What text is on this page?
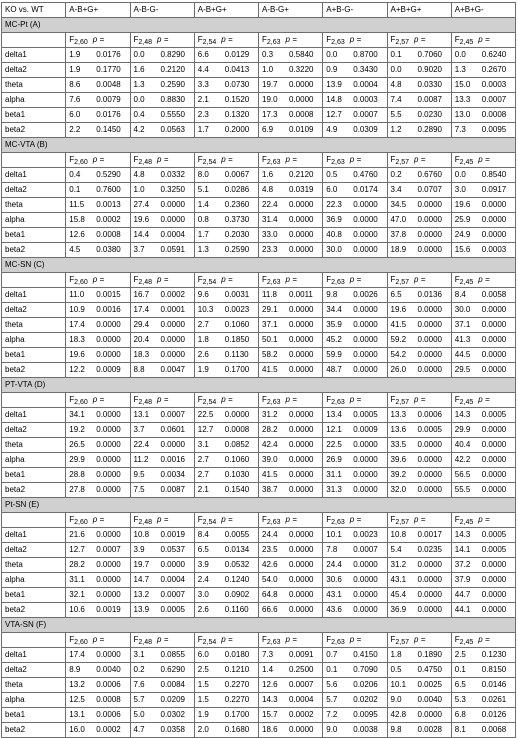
KO vs. WT	A-B+G+	A-B-G-	A-B+G+	A-B-G+	A+B-G-	A+B+G+	A+B+G-
MC-Pt (A)							
	$F_{2,60}$ p =	$F_{2,48}$ p =	$F_{2,54}$ p =	$F_{2,63}$ p =	$F_{2,63}$ p =	$F_{2,57}$ p =	$F_{2,45}$ p =
delta1	1.9 0.0176	0.0 0.8290	6.6 0.0129	0.3 0.5840	0.0 0.8700	0.1 0.7060	0.0 0.6240
delta2	1.9 0.1770	1.6 0.2120	4.4 0.0413	1.0 0.3220	0.9 0.3430	0.0 0.9020	1.3 0.2670
theta	8.6 0.0048	1.3 0.2590	3.3 0.0730	19.7 0.0000	13.9 0.0004	4.8 0.0330	15.0 0.0003
alpha	7.6 0.0079	0.0 0.8830	2.1 0.1520	19.0 0.0000	14.8 0.0003	7.4 0.0087	13.3 0.0007
beta1	6.0 0.0176	0.4 0.5550	2.3 0.1320	17.3 0.0008	12.7 0.0007	5.5 0.0230	13.0 0.0008
beta2	2.2 0.1450	4.2 0.0563	1.7 0.2000	6.9 0.0109	4.9 0.0309	1.2 0.2890	7.3 0.0095
MC-VTA (B)							
	$F_{2,60}$ p =	$F_{2,48}$ p =	$F_{2,54}$ p =	$F_{2,63}$ p =	$F_{2,63}$ p =	$F_{2,57}$ p =	$F_{2,45}$ p =
delta1	0.4 0.5290	4.8 0.0332	8.0 0.0067	1.6 0.2120	0.5 0.4760	0.2 0.6760	0.0 0.8540
delta2	0.1 0.7600	1.0 0.3250	5.1 0.0286	4.8 0.0319	6.0 0.0174	3.4 0.0707	3.0 0.0917
theta	11.5 0.0013	27.4 0.0000	1.4 0.2360	22.4 0.0000	22.3 0.0000	34.5 0.0000	19.6 0.0000
alpha	15.8 0.0002	19.6 0.0000	0.8 0.3730	31.4 0.0000	36.9 0.0000	47.0 0.0000	25.9 0.0000
beta1	12.6 0.0008	14.4 0.0004	1.7 0.2030	33.0 0.0000	40.8 0.0000	37.8 0.0000	24.9 0.0000
beta2	4.5 0.0380	3.7 0.0591	1.3 0.2590	23.3 0.0000	30.0 0.0000	18.9 0.0000	15.6 0.0003
MC-SN (C)							
	$F_{2,60}$ p =	$F_{2,48}$ p =	$F_{2,54}$ p =	$F_{2,63}$ p =	$F_{2,63}$ p =	$F_{2,57}$ p =	$F_{2,45}$ p =
delta1	11.0 0.0015	16.7 0.0002	9.6 0.0031	11.8 0.0011	9.8 0.0026	6.5 0.0136	8.4 0.0058
delta2	10.9 0.0016	17.4 0.0001	10.3 0.0023	29.1 0.0000	34.4 0.0000	19.6 0.0000	30.0 0.0000
theta	17.4 0.0000	29.4 0.0000	2.7 0.1060	37.1 0.0000	35.9 0.0000	41.5 0.0000	37.1 0.0000
alpha	18.3 0.0000	20.4 0.0000	1.8 0.1850	50.1 0.0000	45.2 0.0000	59.2 0.0000	41.3 0.0000
beta1	19.6 0.0000	18.3 0.0000	2.6 0.1130	58.2 0.0000	59.9 0.0000	54.2 0.0000	44.5 0.0000
beta2	12.2 0.0009	8.8 0.0047	1.9 0.1700	41.5 0.0000	48.7 0.0000	26.0 0.0000	29.5 0.0000
PT-VTA (D)							
	$F_{2,60}$ p =	$F_{2,48}$ p =	$F_{2,54}$ p =	$F_{2,63}$ p =	$F_{2,63}$ p =	$F_{2,57}$ p =	$F_{2,45}$ p =
delta1	34.1 0.0000	13.1 0.0007	22.5 0.0000	31.2 0.0000	13.4 0.0005	13.3 0.0006	14.3 0.0005
delta2	19.2 0.0000	3.7 0.0601	12.7 0.0008	28.2 0.0000	12.1 0.0009	13.6 0.0005	29.9 0.0000
theta	26.5 0.0000	22.4 0.0000	3.1 0.0852	42.4 0.0000	22.5 0.0000	33.5 0.0000	40.4 0.0000
alpha	29.9 0.0000	11.2 0.0016	2.7 0.1060	39.0 0.0000	26.9 0.0000	39.6 0.0000	42.2 0.0000
beta1	28.8 0.0000	9.5 0.0034	2.7 0.1030	41.5 0.0000	31.1 0.0000	39.2 0.0000	56.5 0.0000
beta2	27.8 0.0000	7.5 0.0087	2.1 0.1540	38.7 0.0000	31.3 0.0000	32.0 0.0000	55.5 0.0000
Pt-SN (E)							
	$F_{2,60}$ p =	$F_{2,48}$ p =	$F_{2,54}$ p =	$F_{2,63}$ p =	$F_{2,63}$ p =	$F_{2,57}$ p =	$F_{2,45}$ p =
delta1	21.6 0.0000	10.8 0.0019	8.4 0.0055	24.4 0.0000	10.1 0.0023	10.8 0.0017	14.3 0.0005
delta2	12.7 0.0007	3.9 0.0537	6.5 0.0134	23.5 0.0000	7.8 0.0007	5.4 0.0235	14.1 0.0005
theta	28.2 0.0000	19.7 0.0000	3.9 0.0532	42.6 0.0000	24.4 0.0000	31.2 0.0000	37.2 0.0000
alpha	31.1 0.0000	14.7 0.0004	2.4 0.1240	54.0 0.0000	30.6 0.0000	43.1 0.0000	37.9 0.0000
beta1	32.1 0.0000	13.2 0.0007	3.0 0.0902	64.8 0.0000	43.1 0.0000	45.4 0.0000	44.7 0.0000
beta2	10.6 0.0019	13.9 0.0005	2.6 0.1160	66.6 0.0000	43.6 0.0000	36.9 0.0000	44.1 0.0000
VTA-SN (F)							
	$F_{2,60}$ p =	$F_{2,48}$ p =	$F_{2,54}$ p =	$F_{2,63}$ p =	$F_{2,63}$ p =	$F_{2,57}$ p =	$F_{2,45}$ p =
delta1	17.4 0.0000	3.1 0.0855	6.0 0.0180	7.3 0.0091	0.7 0.4150	1.8 0.1890	2.5 0.1230
delta2	8.9 0.0040	0.2 0.6290	2.5 0.1210	1.4 0.2500	0.1 0.7090	0.5 0.4750	0.1 0.8150
theta	13.2 0.0006	7.6 0.0084	1.5 0.2270	12.6 0.0007	5.6 0.0206	10.1 0.0025	6.5 0.0146
alpha	12.5 0.0008	5.7 0.0209	1.5 0.2270	14.3 0.0004	5.7 0.0202	9.0 0.0040	5.3 0.0261
beta1	13.1 0.0006	5.0 0.0302	1.9 0.1700	15.7 0.0002	7.2 0.0095	42.8 0.0000	6.8 0.0126
beta2	16.0 0.0002	4.7 0.0358	2.0 0.1680	18.6 0.0000	9.0 0.0038	9.8 0.0028	8.1 0.0068
